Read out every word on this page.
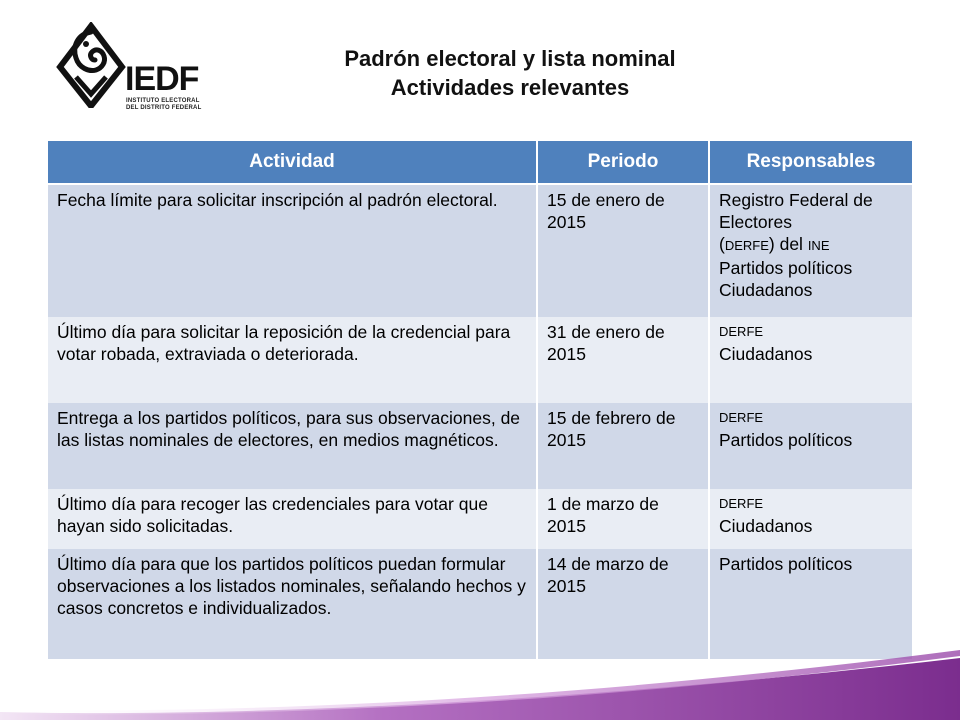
IEDF
INSTITUTO ELECTORAL
DEL DISTRITO FEDERAL
Padrón electoral y lista nominal
Actividades relevantes
Actividad	Periodo	Responsables
Fecha límite para solicitar inscripción al padrón electoral.	15 de enero de 2015	Registro Federal de Electores
(DERFE) del INE
Partidos políticos
Ciudadanos

Último día para solicitar la reposición de la credencial para votar robada, extraviada o deteriorada.	31 de enero de 2015	DERFE
Ciudadanos

Entrega a los partidos políticos, para sus observaciones, de las listas nominales de electores, en medios magnéticos.	15 de febrero de 2015	DERFE
Partidos políticos

Último día para recoger las credenciales para votar que hayan sido solicitadas.	1 de marzo de 2015	DERFE
Ciudadanos

Último día para que los partidos políticos puedan formular observaciones a los listados nominales, señalando hechos y casos concretos e individualizados.	14 de marzo de 2015	Partidos políticos
